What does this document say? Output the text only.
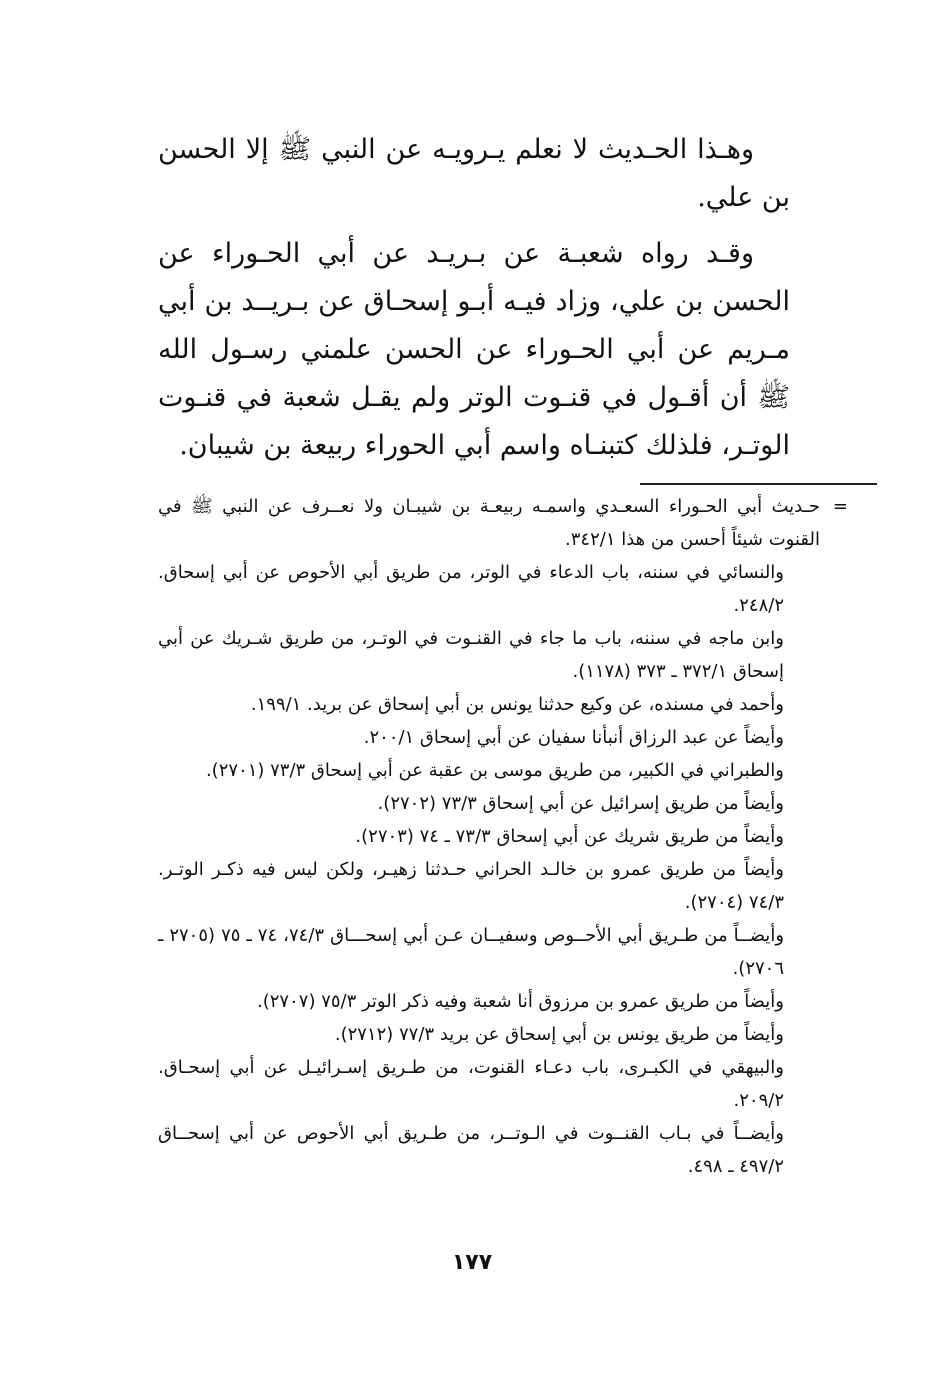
وهـذا الحـديث لا نعلم يـرويـه عن النبي ﷺ إلا الحسن بن علي.

وقـد رواه شعبـة عن بـريـد عن أبي الحـوراء عن الحسن بن علي، وزاد فيـه أبـو إسحـاق عن بـريــد بن أبي مـريم عن أبي الحـوراء عن الحسن علمني رسـول الله ﷺ أن أقـول في قنـوت الوتر ولم يقـل شعبة في قنـوت الوتـر، فلذلك كتبنـاه واسم أبي الحوراء ربيعة بن شيبان.

=
حـديث أبي الحـوراء السعـدي واسمـه ربيعـة بن شيبـان ولا نعــرف عن النبي ﷺ في القنوت شيئاً أحسن من هذا ٣٤٢/١.

والنسائي في سننه، باب الدعاء في الوتر، من طريق أبي الأحوص عن أبي إسحاق. ٢٤٨/٢.

وابن ماجه في سننه، باب ما جاء في القنـوت في الوتـر، من طريق شـريك عن أبي إسحاق ٣٧٢/١ ـ ٣٧٣ (١١٧٨).

وأحمد في مسنده، عن وكيع حدثنا يونس بن أبي إسحاق عن بريد. ١٩٩/١.

وأيضاً عن عبد الرزاق أنبأنا سفيان عن أبي إسحاق ٢٠٠/١.

والطبراني في الكبير، من طريق موسى بن عقبة عن أبي إسحاق ٧٣/٣ (٢٧٠١).

وأيضاً من طريق إسرائيل عن أبي إسحاق ٧٣/٣ (٢٧٠٢).

وأيضاً من طريق شريك عن أبي إسحاق ٧٣/٣ ـ ٧٤ (٢٧٠٣).

وأيضاً من طريق عمرو بن خالـد الحراني حـدثنا زهيـر، ولكن ليس فيه ذكـر الوتـر. ٧٤/٣ (٢٧٠٤).

وأيضــاً من طـريق أبي الأحــوص وسفيــان عـن أبي إسحـــاق ٧٤/٣، ٧٤ ـ ٧٥ (٢٧٠٥ ـ ٢٧٠٦).

وأيضاً من طريق عمرو بن مرزوق أنا شعبة وفيه ذكر الوتر ٧٥/٣ (٢٧٠٧).

وأيضاً من طريق يونس بن أبي إسحاق عن بريد ٧٧/٣ (٢٧١٢).

والبيهقي في الكبـرى، باب دعـاء القنوت، من طـريق إسـرائيـل عن أبي إسحـاق. ٢٠٩/٢.

وأيضــاً في بـاب القنــوت في الـوتــر، من طـريق أبي الأحوص عن أبي إسحــاق ٤٩٧/٢ ـ ٤٩٨.

١٧٧
